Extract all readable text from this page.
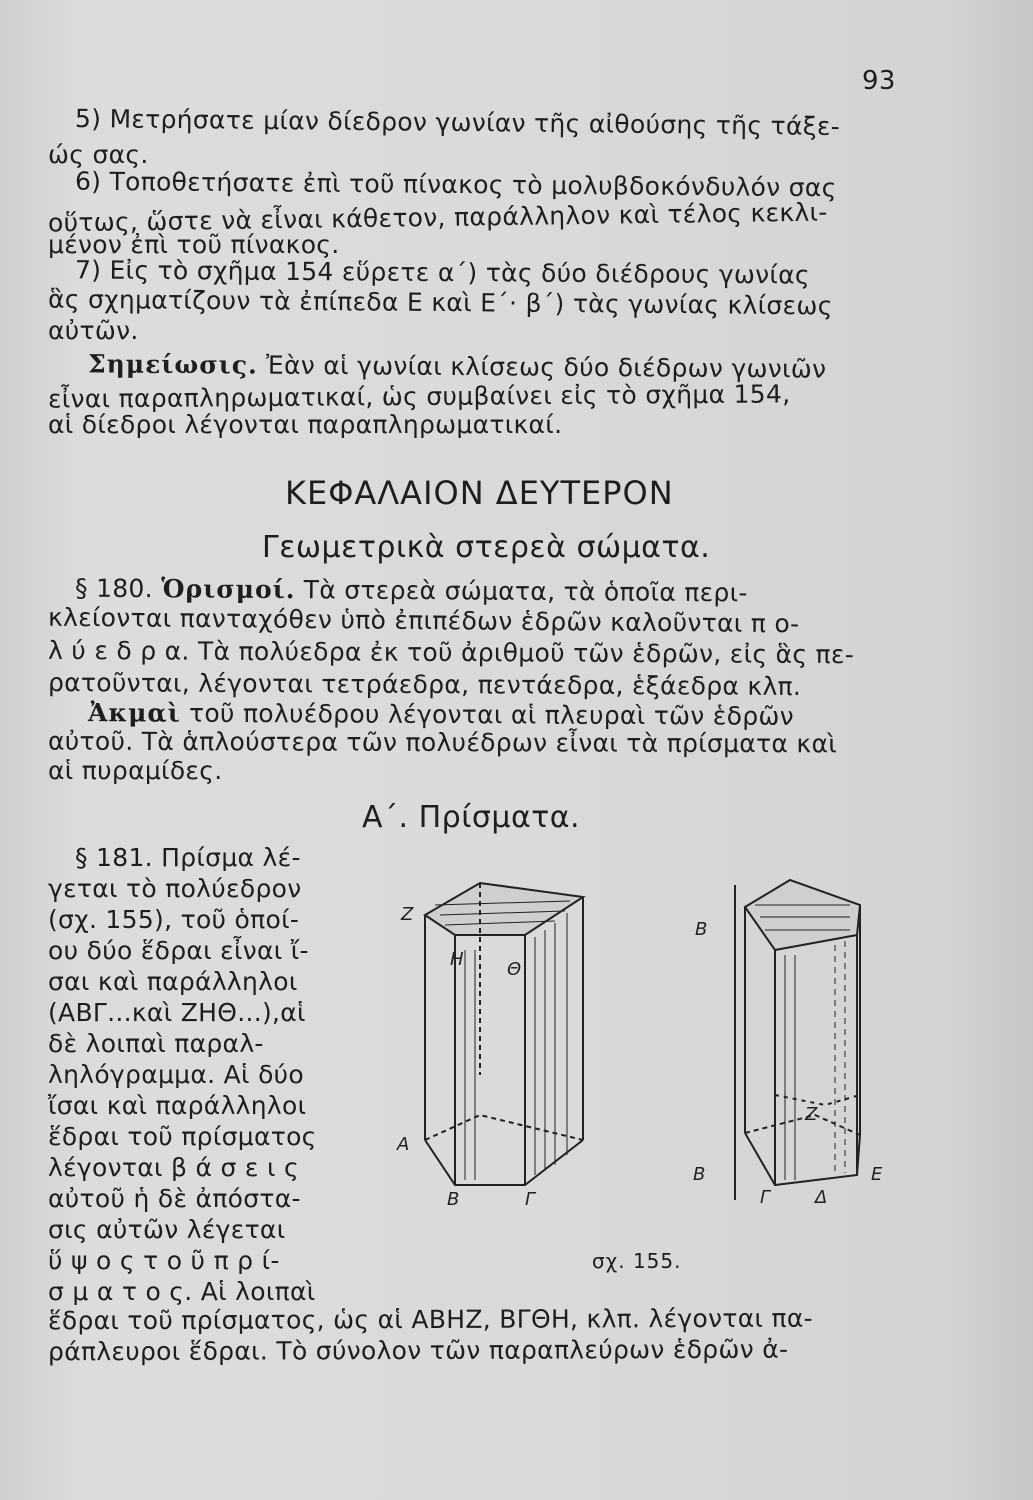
93
5) Μετρήσατε μίαν δίεδρον γωνίαν τῆς αἰθούσης τῆς τάξε-
ώς σας.
6) Τοποθετήσατε ἐπὶ τοῦ πίνακος τὸ μολυβδοκόνδυλόν σας
οὕτως, ὥστε νὰ εἶναι κάθετον, παράλληλον καὶ τέλος κεκλι-
μένον ἐπὶ τοῦ πίνακος.
7) Εἰς τὸ σχῆμα 154 εὕρετε α΄) τὰς δύο διέδρους γωνίας
ἃς σχηματίζουν τὰ ἐπίπεδα Ε καὶ Ε΄· β΄) τὰς γωνίας κλίσεως
αὐτῶν.
Σημείωσις. Ἐὰν αἱ γωνίαι κλίσεως δύο διέδρων γωνιῶν
εἶναι παραπληρωματικαί, ὡς συμβαίνει εἰς τὸ σχῆμα 154,
αἱ δίεδροι λέγονται παραπληρωματικαί.
ΚΕΦΑΛΑΙΟΝ ΔΕΥΤΕΡΟΝ
Γεωμετρικὰ στερεὰ σώματα.
§ 180. Ὁρισμοί. Τὰ στερεὰ σώματα, τὰ ὁποῖα περι-
κλείονται πανταχόθεν ὑπὸ ἐπιπέδων ἑδρῶν καλοῦνται π ο-
λ ύ ε δ ρ α. Τὰ πολύεδρα ἐκ τοῦ ἀριθμοῦ τῶν ἑδρῶν, εἰς ἃς πε-
ρατοῦνται, λέγονται τετράεδρα, πεντάεδρα, ἑξάεδρα κλπ.
Ἀκμαὶ τοῦ πολυέδρου λέγονται αἱ πλευραὶ τῶν ἑδρῶν
αὐτοῦ. Τὰ ἁπλούστερα τῶν πολυέδρων εἶναι τὰ πρίσματα καὶ
αἱ πυραμίδες.
Α΄. Πρίσματα.
§ 181. Πρίσμα λέ-
γεται τὸ πολύεδρον
(σχ. 155), τοῦ ὁποί-
ου δύο ἕδραι εἶναι ἴ-
σαι καὶ παράλληλοι
(ΑΒΓ...καὶ ΖΗΘ...),αἱ
δὲ λοιπαὶ παραλ-
ληλόγραμμα. Αἱ δύο
ἴσαι καὶ παράλληλοι
ἕδραι τοῦ πρίσματος
λέγονται β ά σ ε ι ς
αὐτοῦ ἡ δὲ ἀπόστα-
σις αὐτῶν λέγεται
ὕ ψ ο ς τ ο ῦ π ρ ί-
σ μ α τ ο ς. Αἱ λοιπαὶ
ἕδραι τοῦ πρίσματος, ὡς αἱ ΑΒΗΖ, ΒΓΘΗ, κλπ. λέγονται πα-
ράπλευροι ἕδραι. Τὸ σύνολον τῶν παραπλεύρων ἑδρῶν ἀ-
Ζ
Η Θ
Α
Β	Γ
Β
Β	Ε
Ζ
Γ Δ
σχ. 155.
